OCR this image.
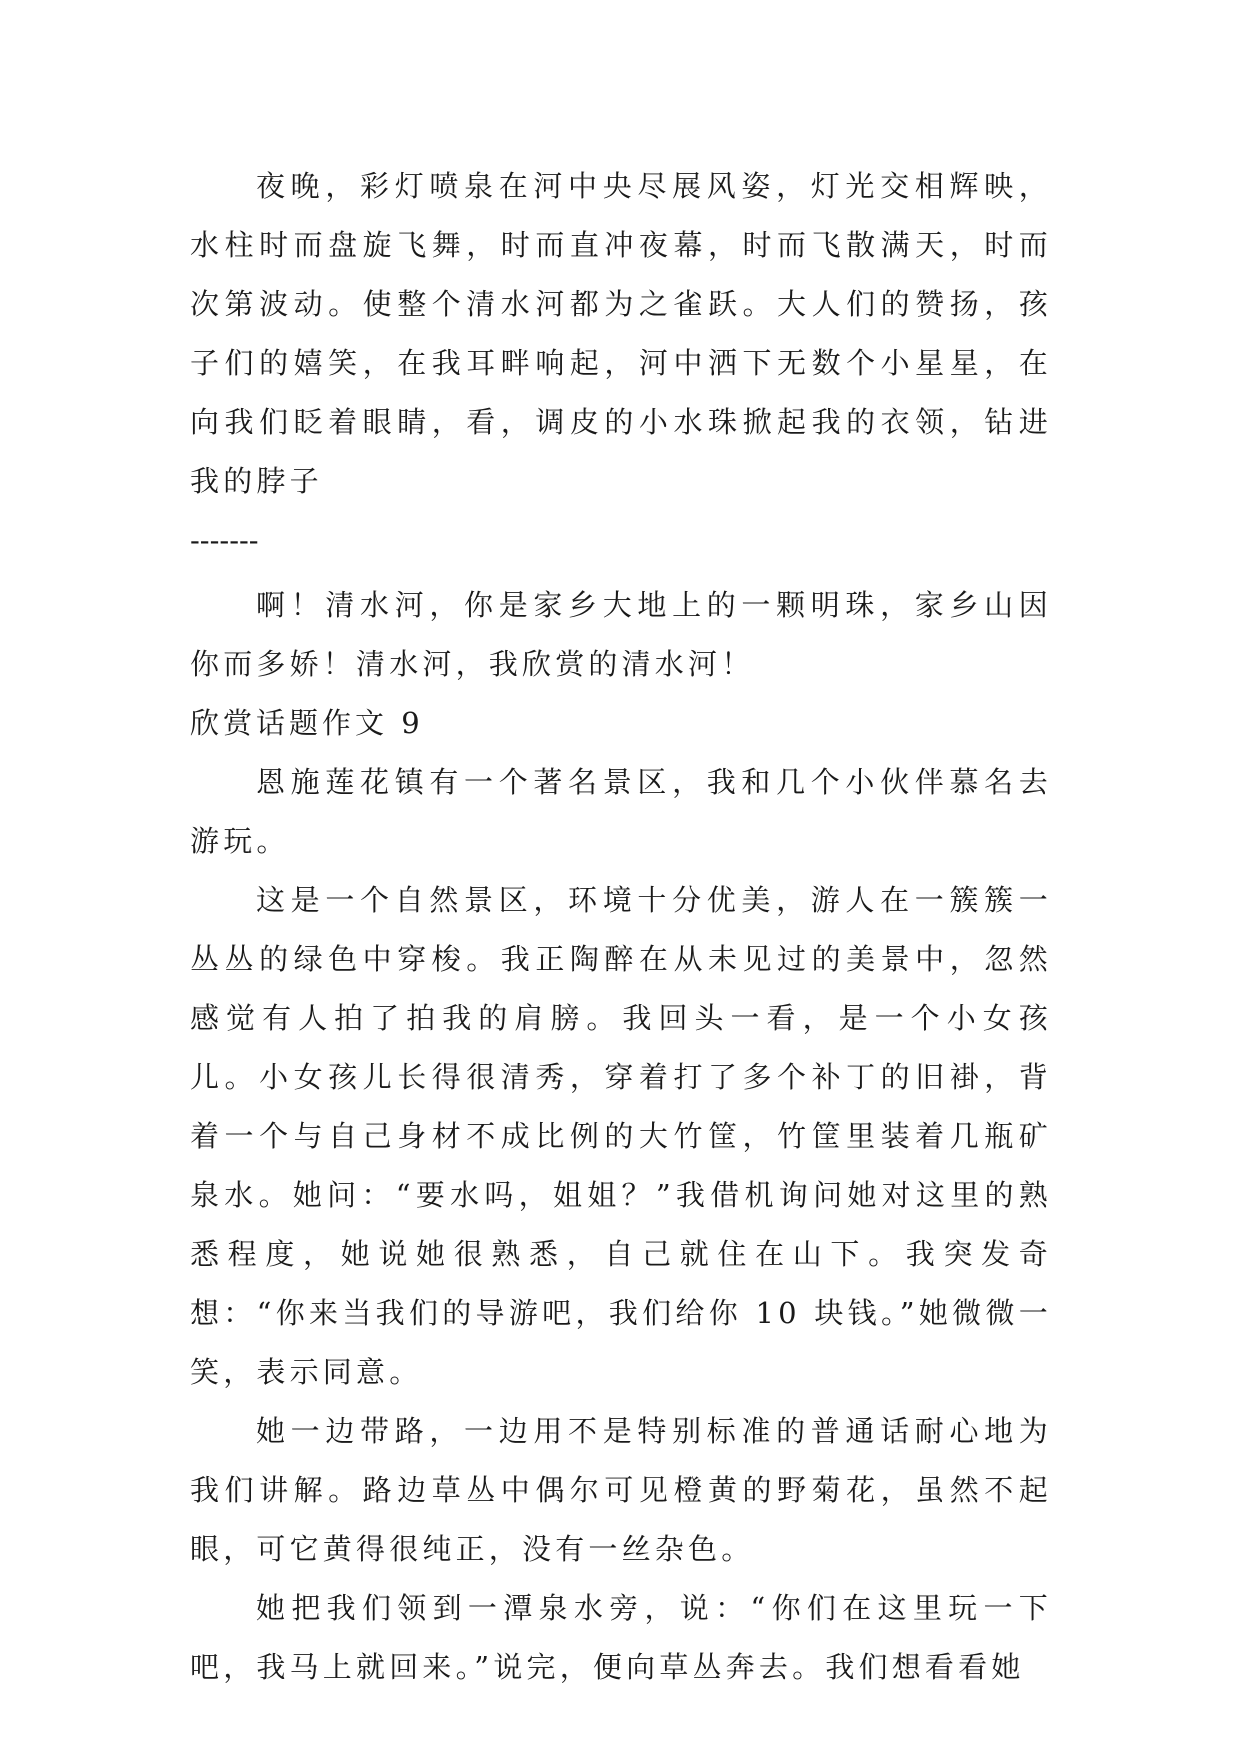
夜晚，彩灯喷泉在河中央尽展风姿，灯光交相辉映，水柱时而盘旋飞舞，时而直冲夜幕，时而飞散满天，时而次第波动。使整个清水河都为之雀跃。大人们的赞扬，孩子们的嬉笑，在我耳畔响起，河中洒下无数个小星星，在向我们眨着眼睛，看，调皮的小水珠掀起我的衣领，钻进我的脖子

-------

啊！清水河，你是家乡大地上的一颗明珠，家乡山因你而多娇！清水河，我欣赏的清水河！

欣赏话题作文 9

恩施莲花镇有一个著名景区，我和几个小伙伴慕名去游玩。

这是一个自然景区，环境十分优美，游人在一簇簇一丛丛的绿色中穿梭。我正陶醉在从未见过的美景中，忽然感觉有人拍了拍我的肩膀。我回头一看，是一个小女孩儿。小女孩儿长得很清秀，穿着打了多个补丁的旧褂，背着一个与自己身材不成比例的大竹筐，竹筐里装着几瓶矿泉水。她问：“要水吗，姐姐？”我借机询问她对这里的熟悉程度，她说她很熟悉，自己就住在山下。我突发奇想：“你来当我们的导游吧，我们给你 10 块钱。”她微微一笑，表示同意。

她一边带路，一边用不是特别标准的普通话耐心地为我们讲解。路边草丛中偶尔可见橙黄的野菊花，虽然不起眼，可它黄得很纯正，没有一丝杂色。

她把我们领到一潭泉水旁，说：“你们在这里玩一下吧，我马上就回来。”说完，便向草丛奔去。我们想看看她
